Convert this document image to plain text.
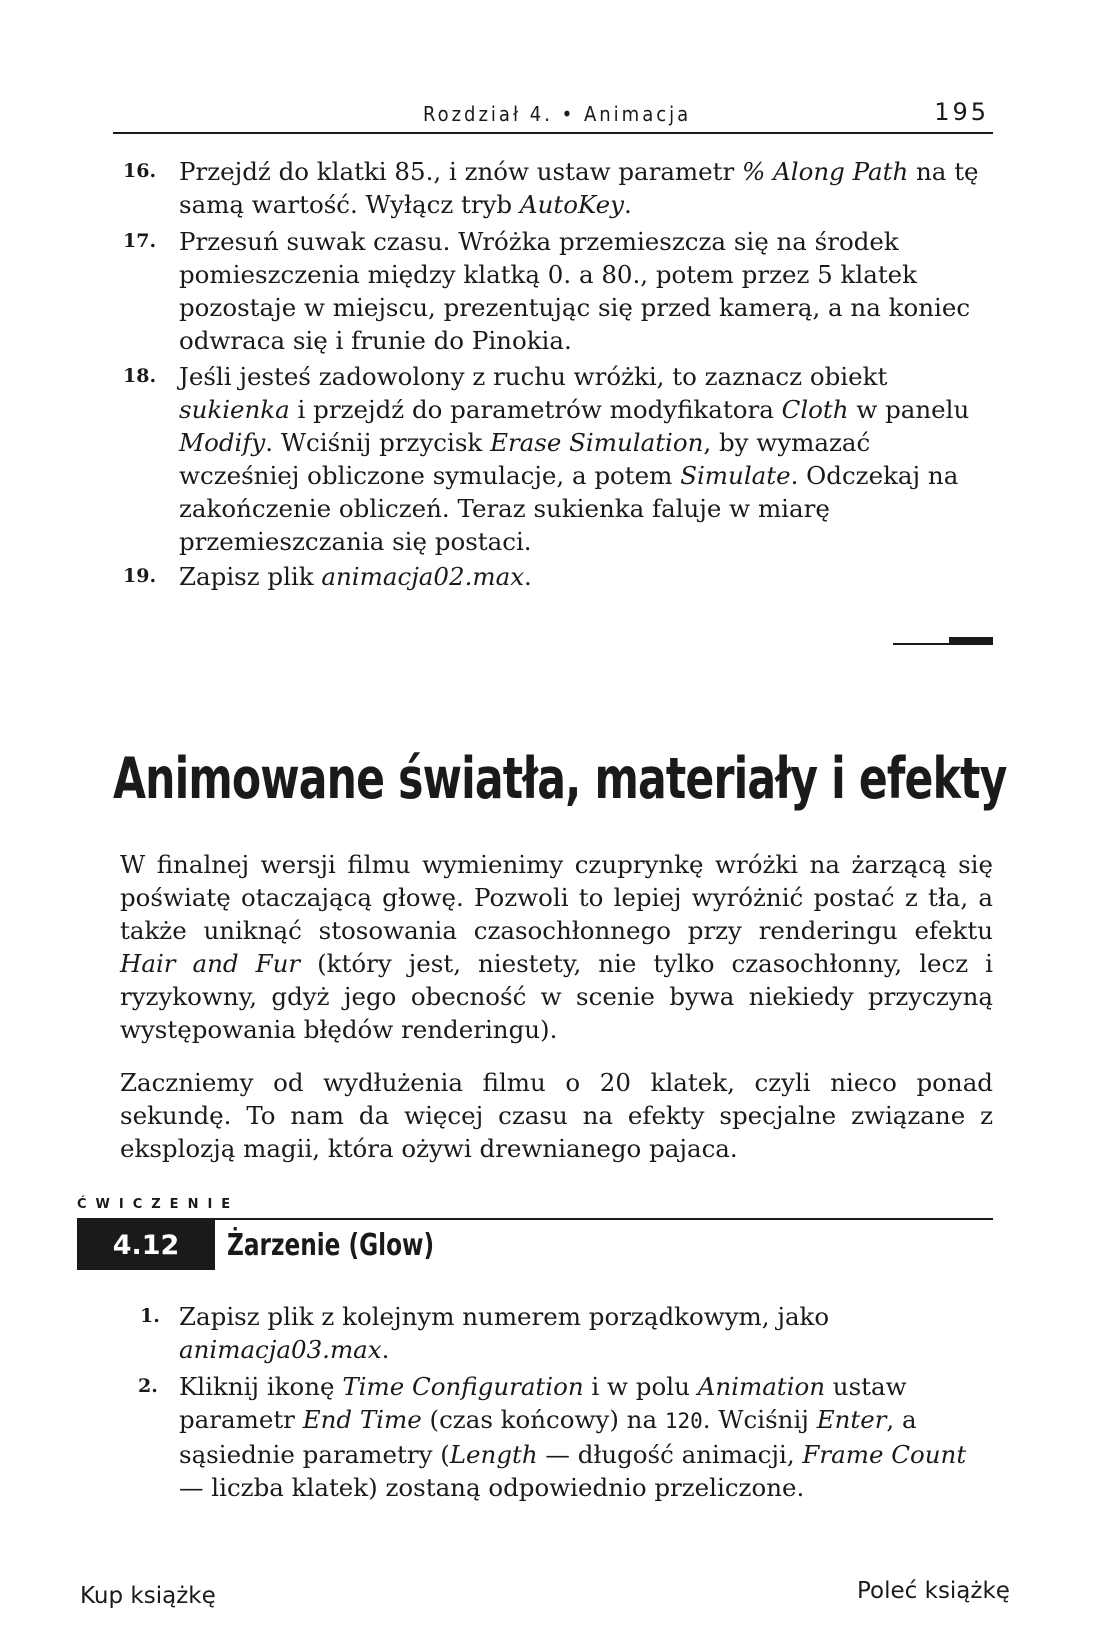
Rozdział 4. • Animacja	195
16. Przejdź do klatki 85., i znów ustaw parametr % Along Path na tę samą wartość. Wyłącz tryb AutoKey.
17. Przesuń suwak czasu. Wróżka przemieszcza się na środek pomieszczenia między klatką 0. a 80., potem przez 5 klatek pozostaje w miejscu, prezentując się przed kamerą, a na koniec odwraca się i frunie do Pinokia.
18. Jeśli jesteś zadowolony z ruchu wróżki, to zaznacz obiekt sukienka i przejdź do parametrów modyfikatora Cloth w panelu Modify. Wciśnij przycisk Erase Simulation, by wymazać wcześniej obliczone symulacje, a potem Simulate. Odczekaj na zakończenie obliczeń. Teraz sukienka faluje w miarę przemieszczania się postaci.
19. Zapisz plik animacja02.max.
Animowane światła, materiały i efekty
W finalnej wersji filmu wymienimy czuprynkę wróżki na żarzącą się poświatę otaczającą głowę. Pozwoli to lepiej wyróżnić postać z tła, a także uniknąć stosowania czasochłonnego przy renderingu efektu Hair and Fur (który jest, niestety, nie tylko czasochłonny, lecz i ryzykowny, gdyż jego obecność w scenie bywa niekiedy przyczyną występowania błędów renderingu).
Zaczniemy od wydłużenia filmu o 20 klatek, czyli nieco ponad sekundę. To nam da więcej czasu na efekty specjalne związane z eksplozją magii, która ożywi drewnianego pajaca.
ĆWICZENIE
4.12	Żarzenie (Glow)
1. Zapisz plik z kolejnym numerem porządkowym, jako animacja03.max.
2. Kliknij ikonę Time Configuration i w polu Animation ustaw parametr End Time (czas końcowy) na 120. Wciśnij Enter, a sąsiednie parametry (Length — długość animacji, Frame Count — liczba klatek) zostaną odpowiednio przeliczone.
Kup książkę	Poleć książkę
